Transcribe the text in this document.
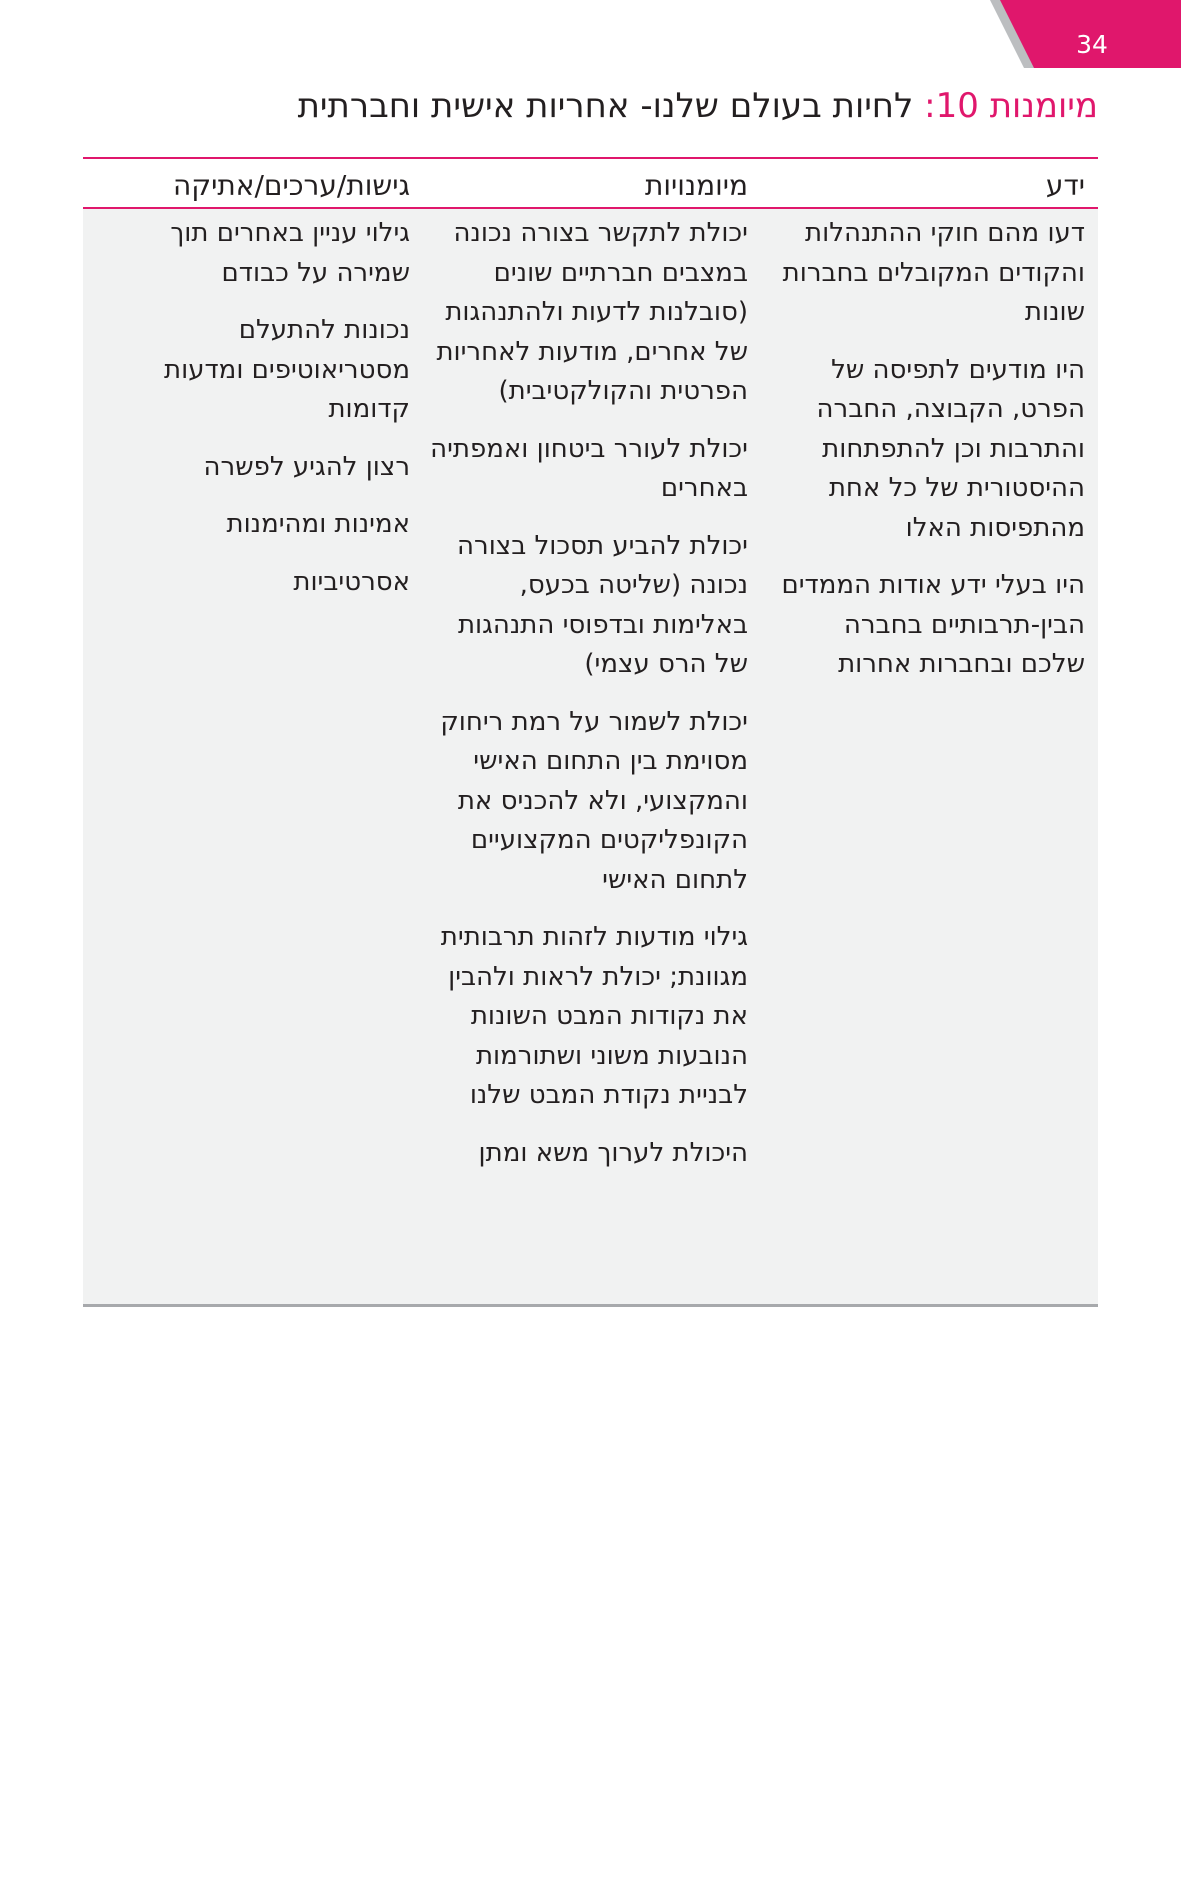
34
מיומנות 10: לחיות בעולם שלנו- אחריות אישית וחברתית
ידע
מיומנויות
גישות/ערכים/אתיקה

דעו מהם חוקי ההתנהלות והקודים המקובלים בחברות שונות

היו מודעים לתפיסה של הפרט, הקבוצה, החברה והתרבות וכן להתפתחות ההיסטורית של כל אחת מהתפיסות האלו

היו בעלי ידע אודות הממדים הבין-תרבותיים בחברה שלכם ובחברות אחרות

יכולת לתקשר בצורה נכונה במצבים חברתיים שונים (סובלנות לדעות ולהתנהגות של אחרים, מודעות לאחריות הפרטית והקולקטיבית)

יכולת לעורר ביטחון ואמפתיה באחרים

יכולת להביע תסכול בצורה נכונה (שליטה בכעס, באלימות ובדפוסי התנהגות של הרס עצמי)

יכולת לשמור על רמת ריחוק מסוימת בין התחום האישי והמקצועי, ולא להכניס את הקונפליקטים המקצועיים לתחום האישי

גילוי מודעות לזהות תרבותית מגוונת; יכולת לראות ולהבין את נקודות המבט השונות הנובעות משוני ושתורמות לבניית נקודת המבט שלנו

היכולת לערוך משא ומתן

גילוי עניין באחרים תוך שמירה על כבודם

נכונות להתעלם מסטריאוטיפים ומדעות קדומות

רצון להגיע לפשרה

אמינות ומהימנות

אסרטיביות
